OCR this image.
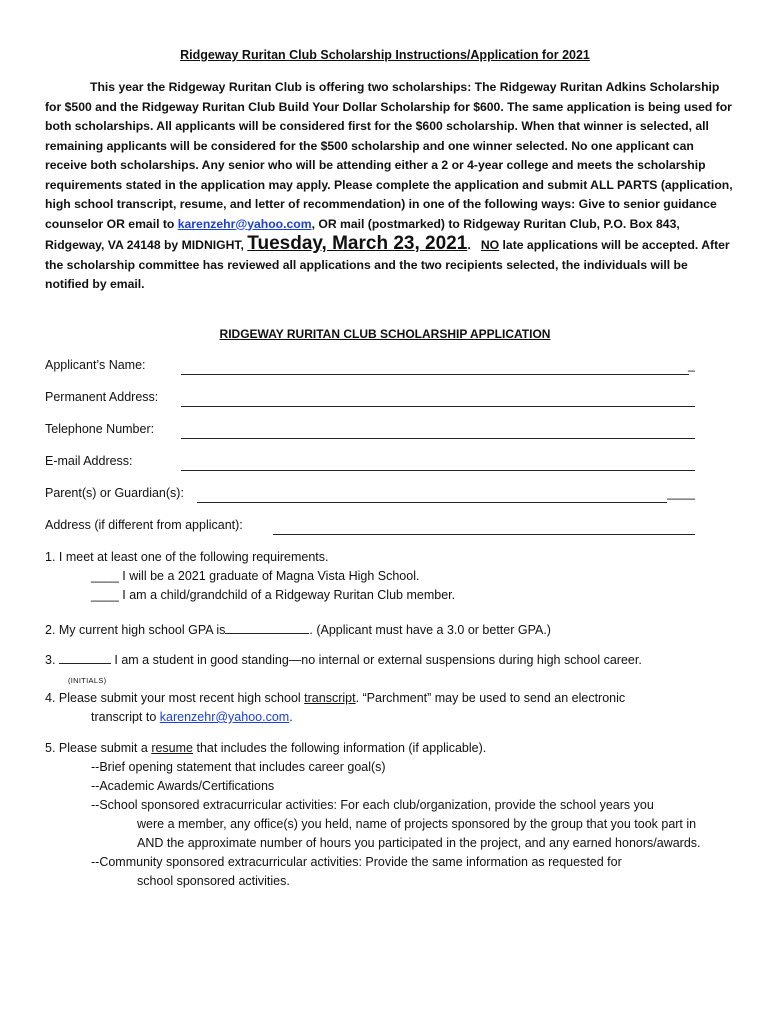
Ridgeway Ruritan Club Scholarship Instructions/Application for 2021

This year the Ridgeway Ruritan Club is offering two scholarships: The Ridgeway Ruritan Adkins Scholarship for $500 and the Ridgeway Ruritan Club Build Your Dollar Scholarship for $600. The same application is being used for both scholarships. All applicants will be considered first for the $600 scholarship. When that winner is selected, all remaining applicants will be considered for the $500 scholarship and one winner selected. No one applicant can receive both scholarships. Any senior who will be attending either a 2 or 4-year college and meets the scholarship requirements stated in the application may apply. Please complete the application and submit ALL PARTS (application, high school transcript, resume, and letter of recommendation) in one of the following ways: Give to senior guidance counselor OR email to karenzehr@yahoo.com, OR mail (postmarked) to Ridgeway Ruritan Club, P.O. Box 843, Ridgeway, VA 24148 by MIDNIGHT, Tuesday, March 23, 2021. NO late applications will be accepted. After the scholarship committee has reviewed all applications and the two recipients selected, the individuals will be notified by email.

RIDGEWAY RURITAN CLUB SCHOLARSHIP APPLICATION
Applicant’s Name:	_
Permanent Address:
Telephone Number:
E-mail Address:
Parent(s) or Guardian(s):	____
Address (if different from applicant):
1. I meet at least one of the following requirements.
____ I will be a 2021 graduate of Magna Vista High School.
____ I am a child/grandchild of a Ridgeway Ruritan Club member.
2. My current high school GPA is	. (Applicant must have a 3.0 or better GPA.)
3.	I am a student in good standing—no internal or external suspensions during high school career.
(INITIALS)
4. Please submit your most recent high school transcript. “Parchment” may be used to send an electronic
transcript to karenzehr@yahoo.com.
5. Please submit a resume that includes the following information (if applicable).
--Brief opening statement that includes career goal(s)
--Academic Awards/Certifications
--School sponsored extracurricular activities: For each club/organization, provide the school years you
were a member, any office(s) you held, name of projects sponsored by the group that you took part in AND the approximate number of hours you participated in the project, and any earned honors/awards.
--Community sponsored extracurricular activities: Provide the same information as requested for
school sponsored activities.
